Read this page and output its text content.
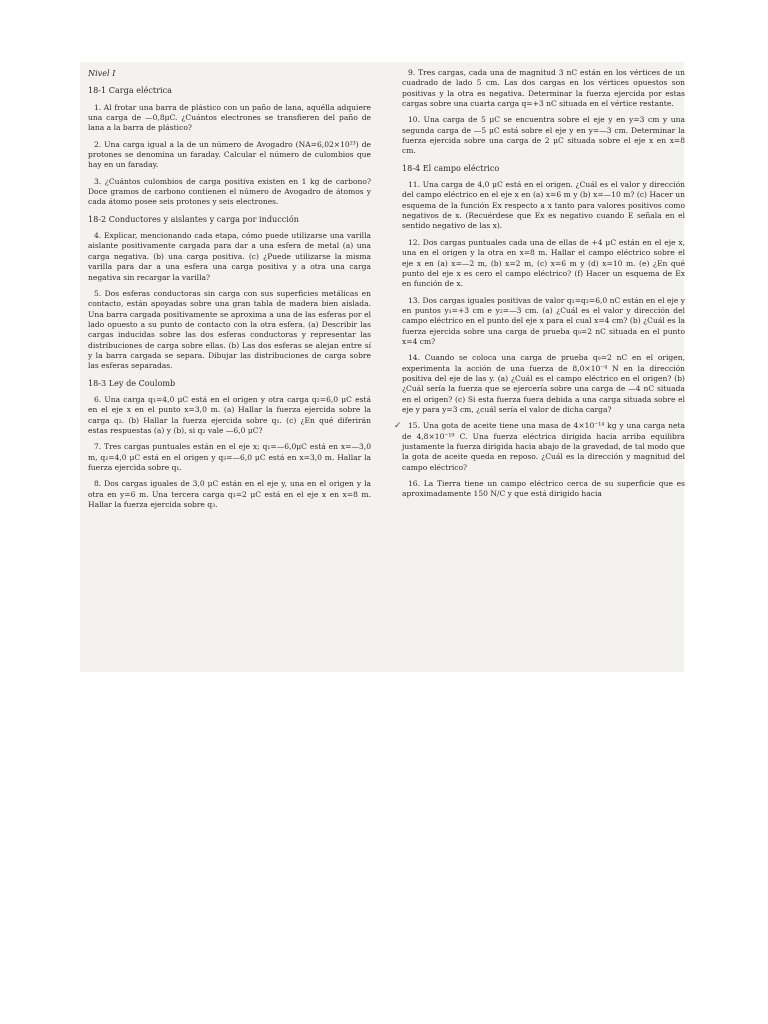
Nivel I
18-1 Carga eléctrica

1. Al frotar una barra de plástico con un paño de lana, aquélla adquiere una carga de —0,8μC. ¿Cuántos electrones se transfieren del paño de lana a la barra de plástico?

2. Una carga igual a la de un número de Avogadro (NA=6,02×10²³) de protones se denomina un faraday. Calcular el número de culombios que hay en un faraday.

3. ¿Cuántos culombios de carga positiva existen en 1 kg de carbono? Doce gramos de carbono contienen el número de Avogadro de átomos y cada átomo posee seis protones y seis electrones.

18-2 Conductores y aislantes y carga por inducción

4. Explicar, mencionando cada etapa, cómo puede utilizarse una varilla aislante positivamente cargada para dar a una esfera de metal (a) una carga negativa. (b) una carga positiva. (c) ¿Puede utilizarse la misma varilla para dar a una esfera una carga positiva y a otra una carga negativa sin recargar la varilla?

5. Dos esferas conductoras sin carga con sus superficies metálicas en contacto, están apoyadas sobre una gran tabla de madera bien aislada. Una barra cargada positivamente se aproxima a una de las esferas por el lado opuesto a su punto de contacto con la otra esfera. (a) Describir las cargas inducidas sobre las dos esferas conductoras y representar las distribuciones de carga sobre ellas. (b) Las dos esferas se alejan entre sí y la barra cargada se separa. Dibujar las distribuciones de carga sobre las esferas separadas.

18-3 Ley de Coulomb

6. Una carga q₁=4,0 μC está en el origen y otra carga q₂=6,0 μC está en el eje x en el punto x=3,0 m. (a) Hallar la fuerza ejercida sobre la carga q₂. (b) Hallar la fuerza ejercida sobre q₁. (c) ¿En qué diferirán estas respuestas (a) y (b), si q₂ vale —6,0 μC?

7. Tres cargas puntuales están en el eje x; q₁=—6,0μC está en x=—3,0 m, q₂=4,0 μC está en el origen y q₃=—6,0 μC está en x=3,0 m. Hallar la fuerza ejercida sobre q₁.

8. Dos cargas iguales de 3,0 μC están en el eje y, una en el origen y la otra en y=6 m. Una tercera carga q₃=2 μC está en el eje x en x=8 m. Hallar la fuerza ejercida sobre q₃.

9. Tres cargas, cada una de magnitud 3 nC están en los vértices de un cuadrado de lado 5 cm. Las dos cargas en los vértices opuestos son positivas y la otra es negativa. Determinar la fuerza ejercida por estas cargas sobre una cuarta carga q=+3 nC situada en el vértice restante.

10. Una carga de 5 μC se encuentra sobre el eje y en y=3 cm y una segunda carga de —5 μC está sobre el eje y en y=—3 cm. Determinar la fuerza ejercida sobre una carga de 2 μC situada sobre el eje x en x=8 cm.

18-4 El campo eléctrico

11. Una carga de 4,0 μC está en el origen. ¿Cuál es el valor y dirección del campo eléctrico en el eje x en (a) x=6 m y (b) x=—10 m? (c) Hacer un esquema de la función Ex respecto a x tanto para valores positivos como negativos de x. (Recuérdese que Ex es negativo cuando E señala en el sentido negativo de las x).

12. Dos cargas puntuales cada una de ellas de +4 μC están en el eje x, una en el origen y la otra en x=8 m. Hallar el campo eléctrico sobre el eje x en (a) x=—2 m, (b) x=2 m, (c) x=6 m y (d) x=10 m. (e) ¿En qué punto del eje x es cero el campo eléctrico? (f) Hacer un esquema de Ex en función de x.

13. Dos cargas iguales positivas de valor q₁=q₂=6,0 nC están en el eje y en puntos y₁=+3 cm e y₂=—3 cm. (a) ¿Cuál es el valor y dirección del campo eléctrico en el punto del eje x para el cual x=4 cm? (b) ¿Cuál es la fuerza ejercida sobre una carga de prueba q₀=2 nC situada en el punto x=4 cm?

14. Cuando se coloca una carga de prueba q₀=2 nC en el origen, experimenta la acción de una fuerza de 8,0×10⁻⁴ N en la dirección positiva del eje de las y. (a) ¿Cuál es el campo eléctrico en el origen? (b) ¿Cuál sería la fuerza que se ejercería sobre una carga de —4 nC situada en el origen? (c) Si esta fuerza fuera debida a una carga situada sobre el eje y para y=3 cm, ¿cuál sería el valor de dicha carga?

✓ 15. Una gota de aceite tiene una masa de 4×10⁻¹⁴ kg y una carga neta de 4,8×10⁻¹⁹ C. Una fuerza eléctrica dirigida hacia arriba equilibra justamente la fuerza dirigida hacia abajo de la gravedad, de tal modo que la gota de aceite queda en reposo. ¿Cuál es la dirección y magnitud del campo eléctrico?

16. La Tierra tiene un campo eléctrico cerca de su superficie que es aproximadamente 150 N/C y que está dirigido hacia
